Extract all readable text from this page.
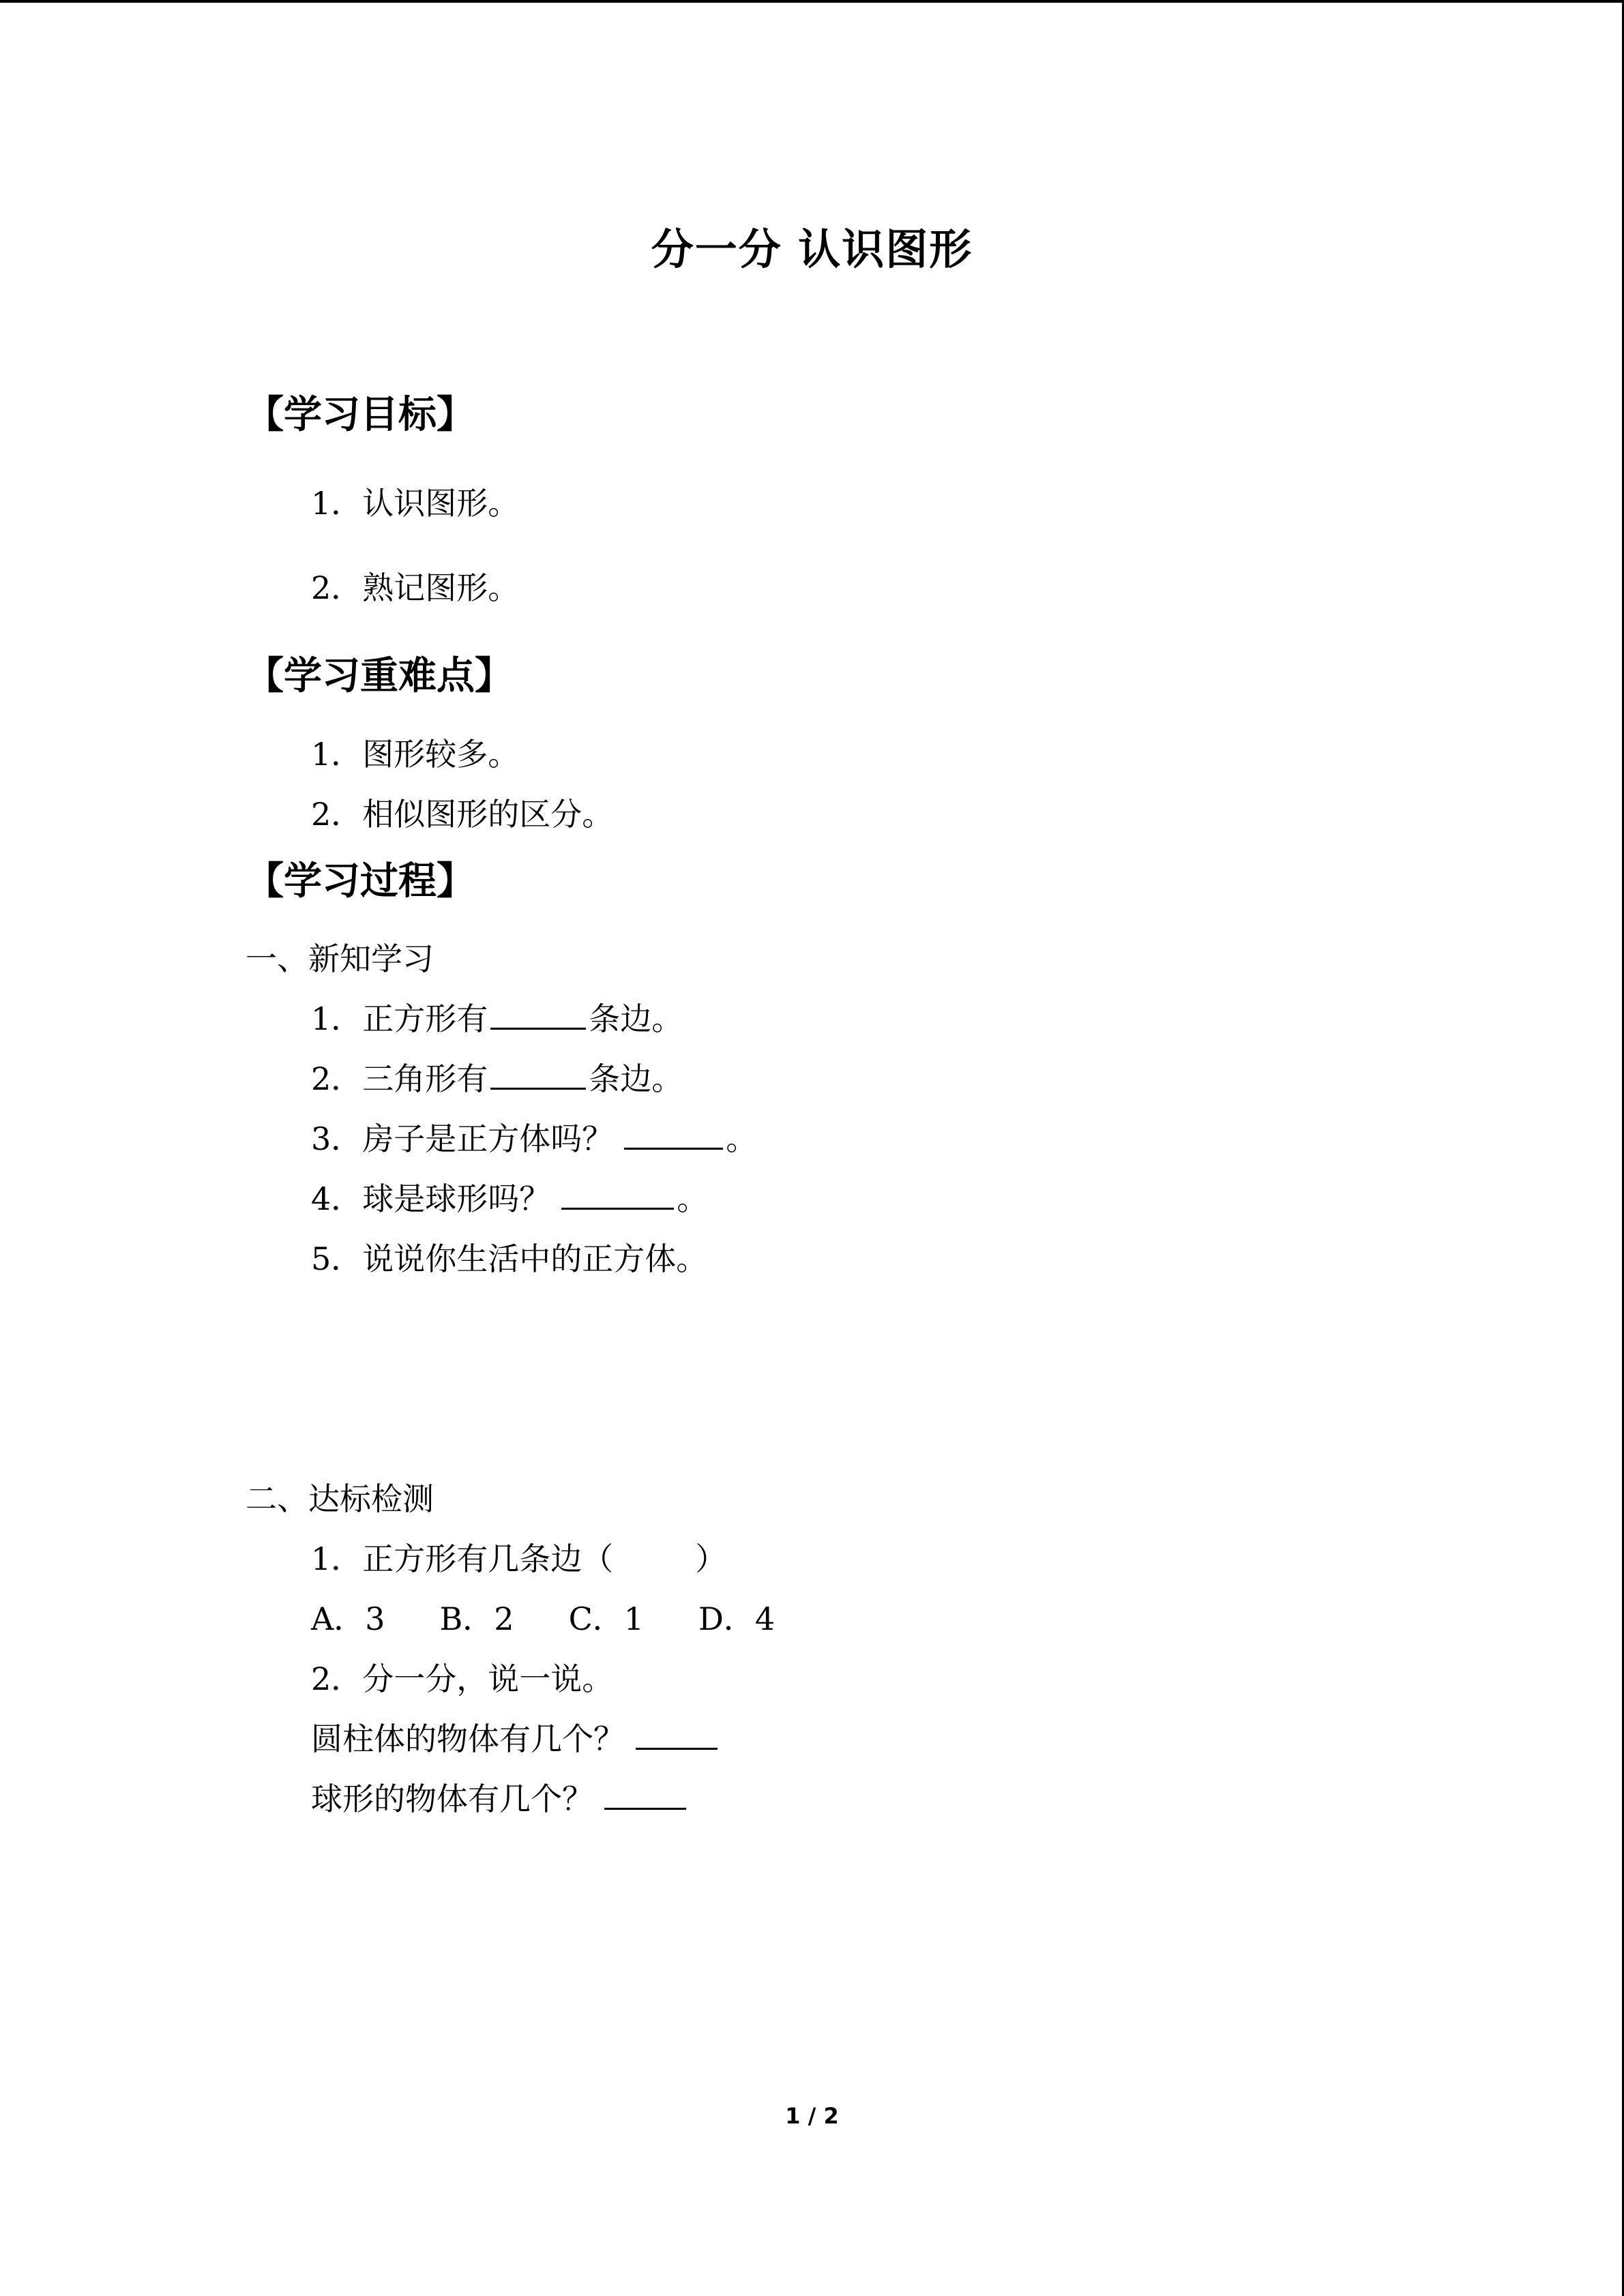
分一分 认识图形
【学习目标】
1．认识图形。
2．熟记图形。
【学习重难点】
1．图形较多。
2．相似图形的区分。
【学习过程】
一、新知学习
1．正方形有	条边。
2．三角形有	条边。
3．房子是正方体吗？	。
4．球是球形吗？	。
5．说说你生活中的正方体。
二、达标检测
1．正方形有几条边（	）
A．3 B．2 C．1 D．4
2．分一分，说一说。
圆柱体的物体有几个？
球形的物体有几个？
1 / 2
